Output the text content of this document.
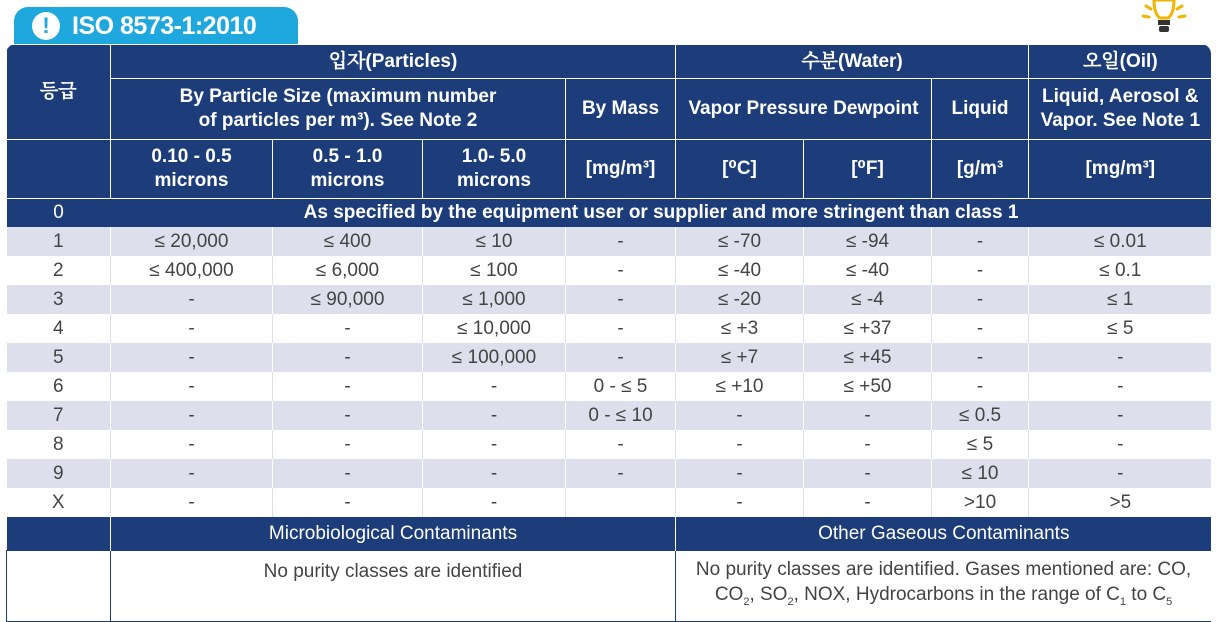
! ISO 8573-1:2010
등급	입자(Particles)				수분(Water)			오일(Oil)
	By Particle Size (maximum number of particles per m³). See Note 2			By Mass	Vapor Pressure Dewpoint		Liquid	Liquid, Aerosol & Vapor. See Note 1
	0.10 - 0.5 microns	0.5 - 1.0 microns	1.0- 5.0 microns	[mg/m³]	[⁰C]	[⁰F]	[g/m³	[mg/m³]
0	As specified by the equipment user or supplier and more stringent than class 1							
1	≤ 20,000	≤ 400	≤ 10	-	≤ -70	≤ -94	-	≤ 0.01
2	≤ 400,000	≤ 6,000	≤ 100	-	≤ -40	≤ -40	-	≤ 0.1
3	-	≤ 90,000	≤ 1,000	-	≤ -20	≤ -4	-	≤ 1
4	-	-	≤ 10,000	-	≤ +3	≤ +37	-	≤ 5
5	-	-	≤ 100,000	-	≤ +7	≤ +45	-	-
6	-	-	-	0 - ≤ 5	≤ +10	≤ +50	-	-
7	-	-	-	0 - ≤ 10	-	-	≤ 0.5	-
8	-	-	-	-	-	-	≤ 5	-
9	-	-	-	-	-	-	≤ 10	-
X	-	-	-		-	-	>10	>5
	Microbiological Contaminants				Other Gaseous Contaminants			
	No purity classes are identified				No purity classes are identified. Gases mentioned are: CO,
$CO_2$, $SO_2$, NOX, Hydrocarbons in the range of $C_1$ to $C_5$
